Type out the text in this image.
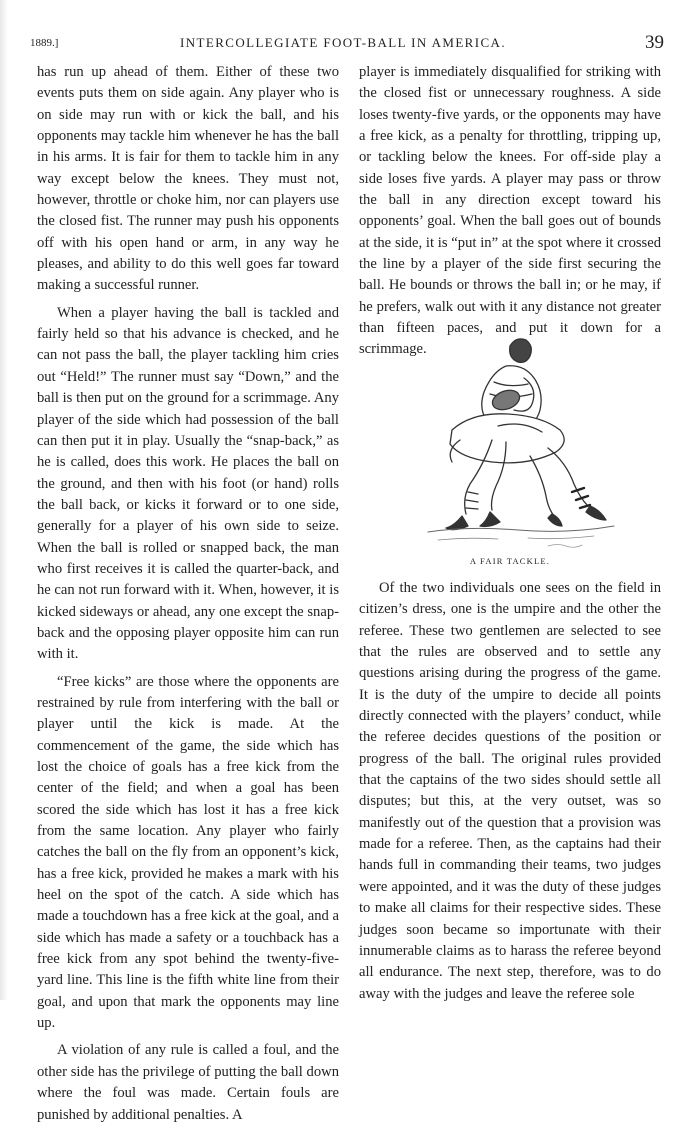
1889.]	INTERCOLLEGIATE FOOT-BALL IN AMERICA.	39

has run up ahead of them. Either of these two events puts them on side again. Any player who is on side may run with or kick the ball, and his opponents may tackle him whenever he has the ball in his arms. It is fair for them to tackle him in any way except below the knees. They must not, however, throttle or choke him, nor can players use the closed fist. The runner may push his opponents off with his open hand or arm, in any way he pleases, and ability to do this well goes far toward making a successful runner.

When a player having the ball is tackled and fairly held so that his advance is checked, and he can not pass the ball, the player tackling him cries out “Held!” The runner must say “Down,” and the ball is then put on the ground for a scrimmage. Any player of the side which had possession of the ball can then put it in play. Usually the “snap-back,” as he is called, does this work. He places the ball on the ground, and then with his foot (or hand) rolls the ball back, or kicks it forward or to one side, generally for a player of his own side to seize. When the ball is rolled or snapped back, the man who first receives it is called the quarter-back, and he can not run forward with it. When, however, it is kicked sideways or ahead, any one except the snap-back and the opposing player opposite him can run with it.

“Free kicks” are those where the opponents are restrained by rule from interfering with the ball or player until the kick is made. At the commencement of the game, the side which has lost the choice of goals has a free kick from the center of the field; and when a goal has been scored the side which has lost it has a free kick from the same location. Any player who fairly catches the ball on the fly from an opponent’s kick, has a free kick, provided he makes a mark with his heel on the spot of the catch. A side which has made a touchdown has a free kick at the goal, and a side which has made a safety or a touchback has a free kick from any spot behind the twenty-five-yard line. This line is the fifth white line from their goal, and upon that mark the opponents may line up.

A violation of any rule is called a foul, and the other side has the privilege of putting the ball down where the foul was made. Certain fouls are punished by additional penalties. A

player is immediately disqualified for striking with the closed fist or unnecessary roughness. A side loses twenty-five yards, or the opponents may have a free kick, as a penalty for throttling, tripping up, or tackling below the knees. For off-side play a side loses five yards. A player may pass or throw the ball in any direction except toward his opponents’ goal. When the ball goes out of bounds at the side, it is “put in” at the spot where it crossed the line by a player of the side first securing the ball. He bounds or throws the ball in; or he may, if he prefers, walk out with it any distance not greater than fifteen paces, and put it down for a scrimmage.

A FAIR TACKLE.

Of the two individuals one sees on the field in citizen’s dress, one is the umpire and the other the referee. These two gentlemen are selected to see that the rules are observed and to settle any questions arising during the progress of the game. It is the duty of the umpire to decide all points directly connected with the players’ conduct, while the referee decides questions of the position or progress of the ball. The original rules provided that the captains of the two sides should settle all disputes; but this, at the very outset, was so manifestly out of the question that a provision was made for a referee. Then, as the captains had their hands full in commanding their teams, two judges were appointed, and it was the duty of these judges to make all claims for their respective sides. These judges soon became so importunate with their innumerable claims as to harass the referee beyond all endurance. The next step, therefore, was to do away with the judges and leave the referee sole
